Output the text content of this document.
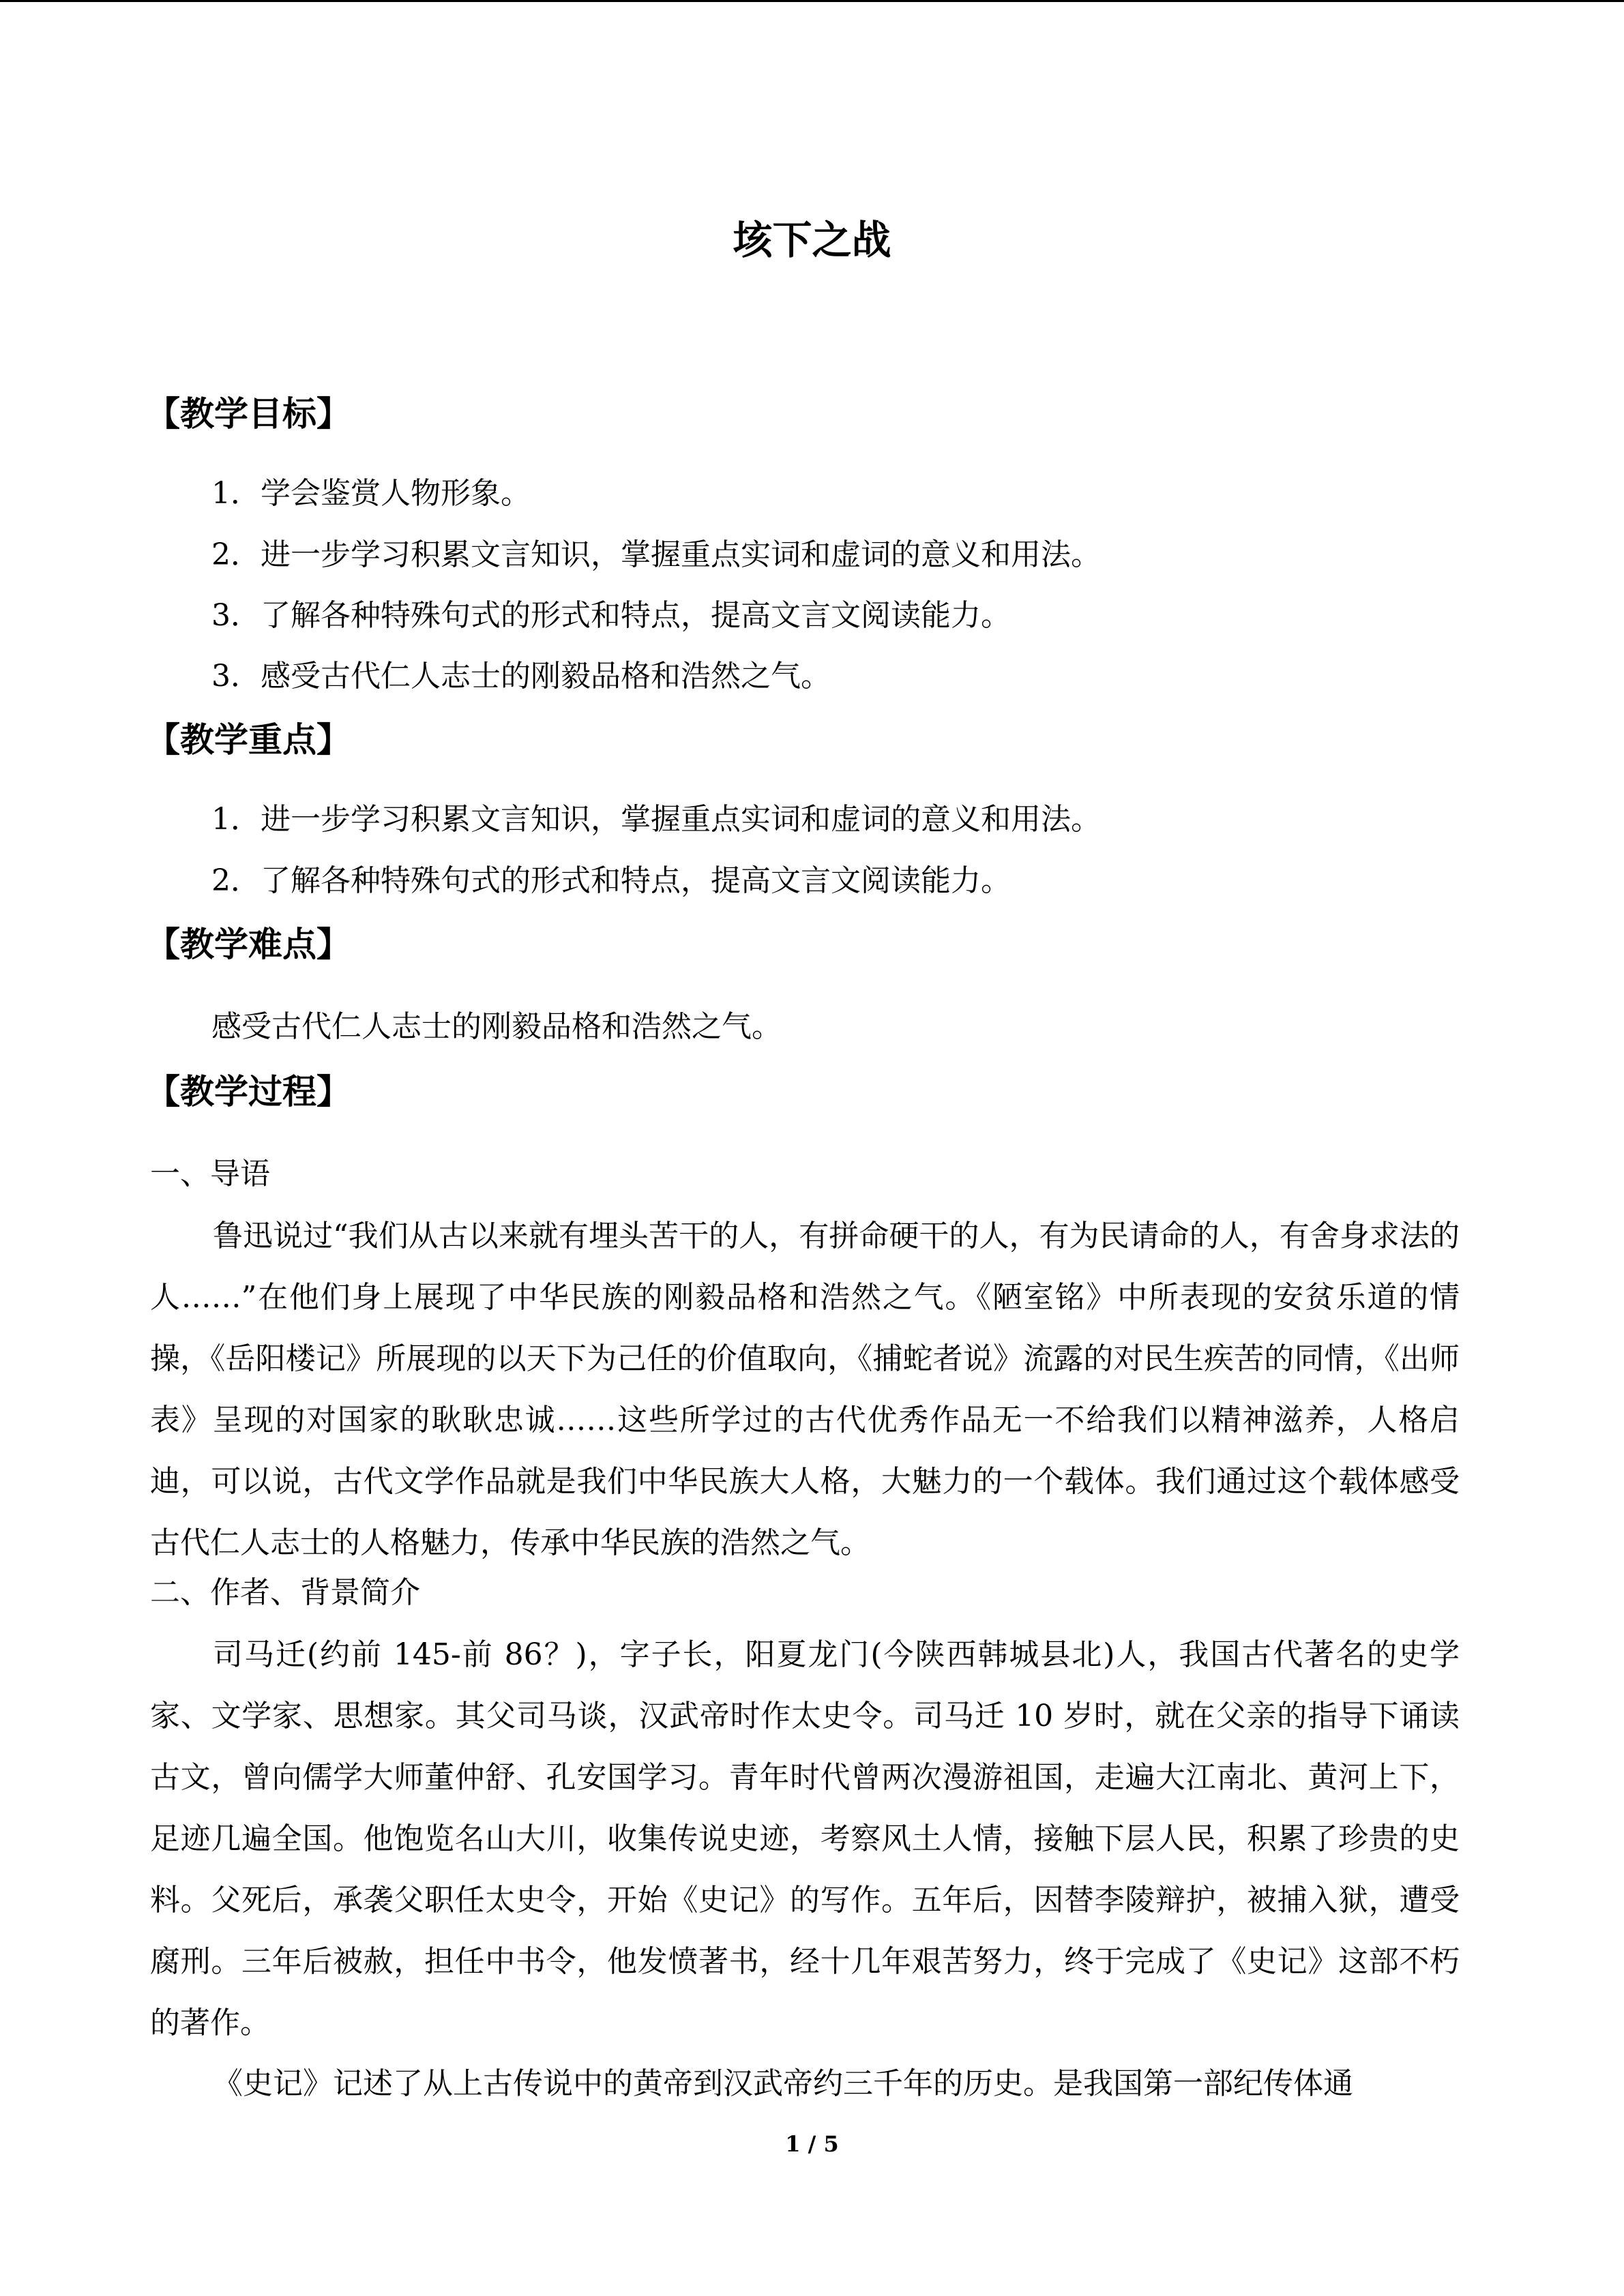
垓下之战
【教学目标】
1．学会鉴赏人物形象。
2．进一步学习积累文言知识，掌握重点实词和虚词的意义和用法。
3．了解各种特殊句式的形式和特点，提高文言文阅读能力。
3．感受古代仁人志士的刚毅品格和浩然之气。
【教学重点】
1．进一步学习积累文言知识，掌握重点实词和虚词的意义和用法。
2．了解各种特殊句式的形式和特点，提高文言文阅读能力。
【教学难点】
感受古代仁人志士的刚毅品格和浩然之气。
【教学过程】
一、导语
鲁迅说过“我们从古以来就有埋头苦干的人，有拼命硬干的人，有为民请命的人，有舍身求法的人……”在他们身上展现了中华民族的刚毅品格和浩然之气。《陋室铭》中所表现的安贫乐道的情操，《岳阳楼记》所展现的以天下为己任的价值取向，《捕蛇者说》流露的对民生疾苦的同情，《出师表》呈现的对国家的耿耿忠诚……这些所学过的古代优秀作品无一不给我们以精神滋养，人格启迪，可以说，古代文学作品就是我们中华民族大人格，大魅力的一个载体。我们通过这个载体感受古代仁人志士的人格魅力，传承中华民族的浩然之气。
二、作者、背景简介
司马迁(约前 145-前 86？)，字子长，阳夏龙门(今陕西韩城县北)人，我国古代著名的史学家、文学家、思想家。其父司马谈，汉武帝时作太史令。司马迁 10 岁时，就在父亲的指导下诵读古文，曾向儒学大师董仲舒、孔安国学习。青年时代曾两次漫游祖国，走遍大江南北、黄河上下，足迹几遍全国。他饱览名山大川，收集传说史迹，考察风土人情，接触下层人民，积累了珍贵的史料。父死后，承袭父职任太史令，开始《史记》的写作。五年后，因替李陵辩护，被捕入狱，遭受腐刑。三年后被赦，担任中书令，他发愤著书，经十几年艰苦努力，终于完成了《史记》这部不朽的著作。
《史记》记述了从上古传说中的黄帝到汉武帝约三千年的历史。是我国第一部纪传体通
1 / 5
